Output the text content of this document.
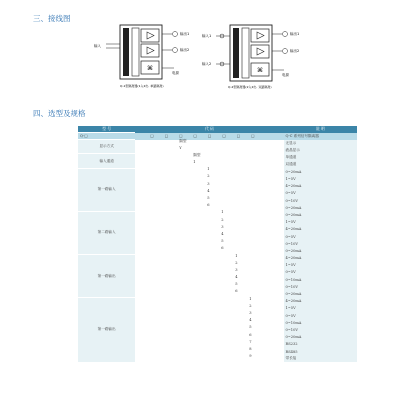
三、接线图
⌘
输入
输出1
输出2
电源
Q-1型隔离器(1入2出, 单路隔离)
⌘
输入1
输入2
输出1
输出2
电源
Q-2型隔离器(2入2出, 双路隔离)
四、选型及规格
型 号	代 码	说 明
Q-□	□ □ □ □ □ □ □ □	Q-C 系列信号隔离器
显示方式	隔型	无显示

	Y	液晶显示
输入通道	隔型	单通道

	1	双通道
第一路输入	1	0~20mA

	2	1~5V

	3	4~20mA

	4	0~5V

	5	0~10V

	6	0~20mA
第二路输入	1	0~20mA

	2	1~5V

	3	4~20mA

	4	0~5V

	5	0~10V

	6	0~20mA
第一路输出	1	4~20mA

	2	1~5V

	3	0~5V

	4	0~10mA

	5	0~10V

	6	0~20mA
第一路输出	1	4~20mA

	2	1~5V

	3	0~5V

	4	0~10mA

	5	0~10V

	6	0~20mA

	7	RS232

	8	RS485

	9	带长接
